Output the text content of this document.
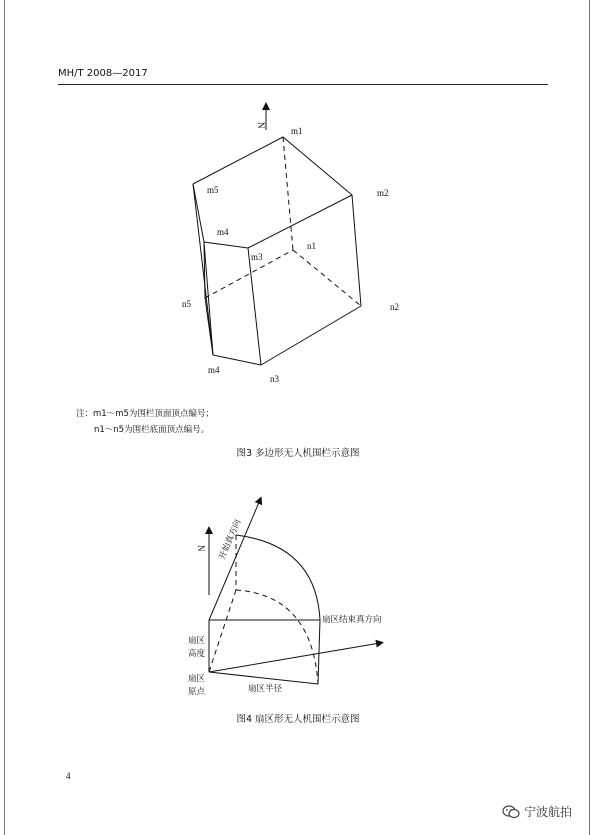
MH/T 2008—2017
N
m1
m2
m3
m4
m5
n1
n2
n3
m4
n5
N 开始真方向
扇区结束真方向
扇区
高度
扇区
原点	扇区半径
注：m1～m5为围栏顶面顶点编号；
n1～n5为围栏底面顶点编号。
图3 多边形无人机围栏示意图
图4 扇区形无人机围栏示意图
4
宁波航拍
